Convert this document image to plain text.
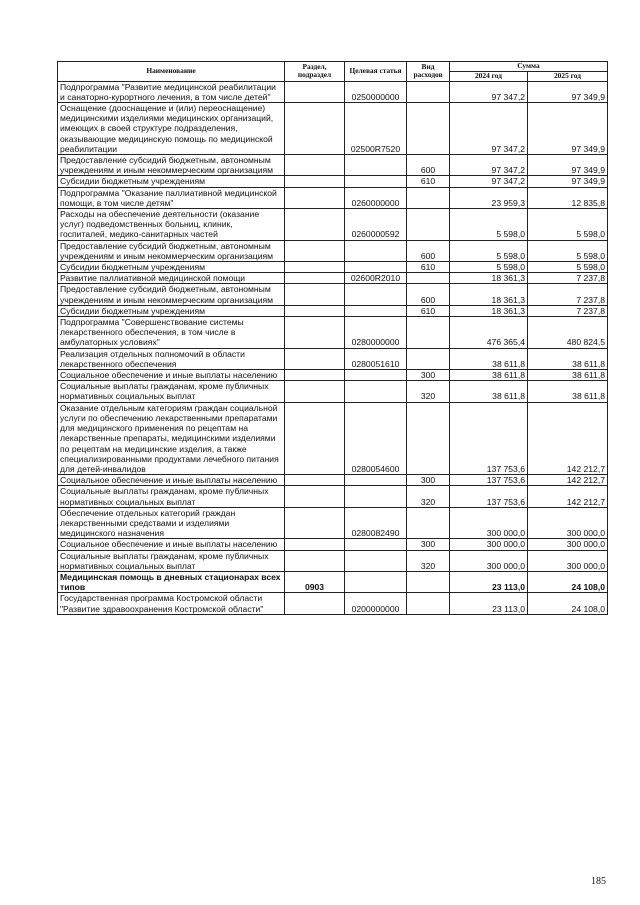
Наименование	Раздел, подраздел	Целевая статья	Вид расходов	Сумма	
				2024 год	2025 год
Подпрограмма "Развитие медицинской реабилитации и санаторно-курортного лечения, в том числе детей"		0250000000		97 347,2	97 349,9
Оснащение (дооснащение и (или) переоснащение) медицинскими изделиями медицинских организаций, имеющих в своей структуре подразделения, оказывающие медицинскую помощь по медицинской реабилитации		02500R7520		97 347,2	97 349,9
Предоставление субсидий бюджетным, автономным учреждениям и иным некоммерческим организациям			600	97 347,2	97 349,9
Субсидии бюджетным учреждениям			610	97 347,2	97 349,9
Подпрограмма "Оказание паллиативной медицинской помощи, в том числе детям"		0260000000		23 959,3	12 835,8
Расходы на обеспечение деятельности (оказание услуг) подведомственных больниц, клиник, госпиталей, медико-санитарных частей		0260000592		5 598,0	5 598,0
Предоставление субсидий бюджетным, автономным учреждениям и иным некоммерческим организациям			600	5 598,0	5 598,0
Субсидии бюджетным учреждениям			610	5 598,0	5 598,0
Развитие паллиативной медицинской помощи		02600R2010		18 361,3	7 237,8
Предоставление субсидий бюджетным, автономным учреждениям и иным некоммерческим организациям			600	18 361,3	7 237,8
Субсидии бюджетным учреждениям			610	18 361,3	7 237,8
Подпрограмма "Совершенствование системы лекарственного обеспечения, в том числе в амбулаторных условиях"		0280000000		476 365,4	480 824,5
Реализация отдельных полномочий в области лекарственного обеспечения		0280051610		38 611,8	38 611,8
Социальное обеспечение и иные выплаты населению			300	38 611,8	38 611,8
Социальные выплаты гражданам, кроме публичных нормативных социальных выплат			320	38 611,8	38 611,8
Оказание отдельным категориям граждан социальной услуги по обеспечению лекарственными препаратами для медицинского применения по рецептам на лекарственные препараты, медицинскими изделиями по рецептам на медицинские изделия, а также специализированными продуктами лечебного питания для детей-инвалидов		0280054600		137 753,6	142 212,7
Социальное обеспечение и иные выплаты населению			300	137 753,6	142 212,7
Социальные выплаты гражданам, кроме публичных нормативных социальных выплат			320	137 753,6	142 212,7
Обеспечение отдельных категорий граждан лекарственными средствами и изделиями медицинского назначения		0280082490		300 000,0	300 000,0
Социальное обеспечение и иные выплаты населению			300	300 000,0	300 000,0
Социальные выплаты гражданам, кроме публичных нормативных социальных выплат			320	300 000,0	300 000,0
Медицинская помощь в дневных стационарах всех типов	0903			23 113,0	24 108,0
Государственная программа Костромской области "Развитие здравоохранения Костромской области"		0200000000		23 113,0	24 108,0
185
